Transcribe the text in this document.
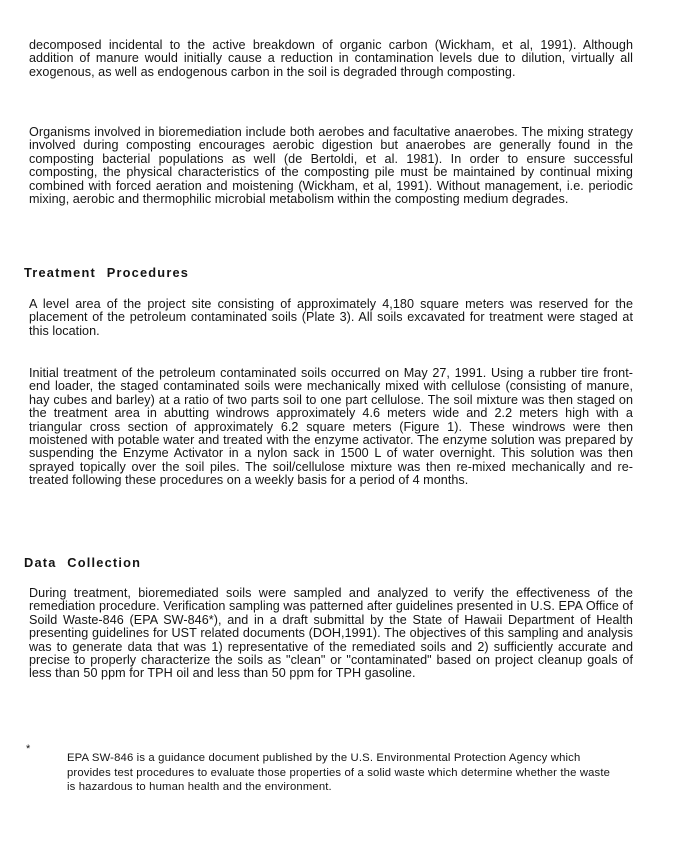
decomposed incidental to the active breakdown of organic carbon (Wickham, et al, 1991). Although addition of manure would initially cause a reduction in contamination levels due to dilution, virtually all exogenous, as well as endogenous carbon in the soil is degraded through composting.
Organisms involved in bioremediation include both aerobes and facultative anaerobes. The mixing strategy involved during composting encourages aerobic digestion but anaerobes are generally found in the composting bacterial populations as well (de Bertoldi, et al. 1981). In order to ensure successful composting, the physical characteristics of the composting pile must be maintained by continual mixing combined with forced aeration and moistening (Wickham, et al, 1991). Without management, i.e. periodic mixing, aerobic and thermophilic microbial metabolism within the composting medium degrades.
Treatment Procedures
A level area of the project site consisting of approximately 4,180 square meters was reserved for the placement of the petroleum contaminated soils (Plate 3). All soils excavated for treatment were staged at this location.
Initial treatment of the petroleum contaminated soils occurred on May 27, 1991. Using a rubber tire front-end loader, the staged contaminated soils were mechanically mixed with cellulose (consisting of manure, hay cubes and barley) at a ratio of two parts soil to one part cellulose. The soil mixture was then staged on the treatment area in abutting windrows approximately 4.6 meters wide and 2.2 meters high with a triangular cross section of approximately 6.2 square meters (Figure 1). These windrows were then moistened with potable water and treated with the enzyme activator. The enzyme solution was prepared by suspending the Enzyme Activator in a nylon sack in 1500 L of water overnight. This solution was then sprayed topically over the soil piles. The soil/cellulose mixture was then re-mixed mechanically and re-treated following these procedures on a weekly basis for a period of 4 months.
Data Collection
During treatment, bioremediated soils were sampled and analyzed to verify the effectiveness of the remediation procedure. Verification sampling was patterned after guidelines presented in U.S. EPA Office of Soild Waste-846 (EPA SW-846*), and in a draft submittal by the State of Hawaii Department of Health presenting guidelines for UST related documents (DOH,1991). The objectives of this sampling and analysis was to generate data that was 1) representative of the remediated soils and 2) sufficiently accurate and precise to properly characterize the soils as "clean" or "contaminated" based on project cleanup goals of less than 50 ppm for TPH oil and less than 50 ppm for TPH gasoline.
*
EPA SW-846 is a guidance document published by the U.S. Environmental Protection Agency which provides test procedures to evaluate those properties of a solid waste which determine whether the waste is hazardous to human health and the environment.
